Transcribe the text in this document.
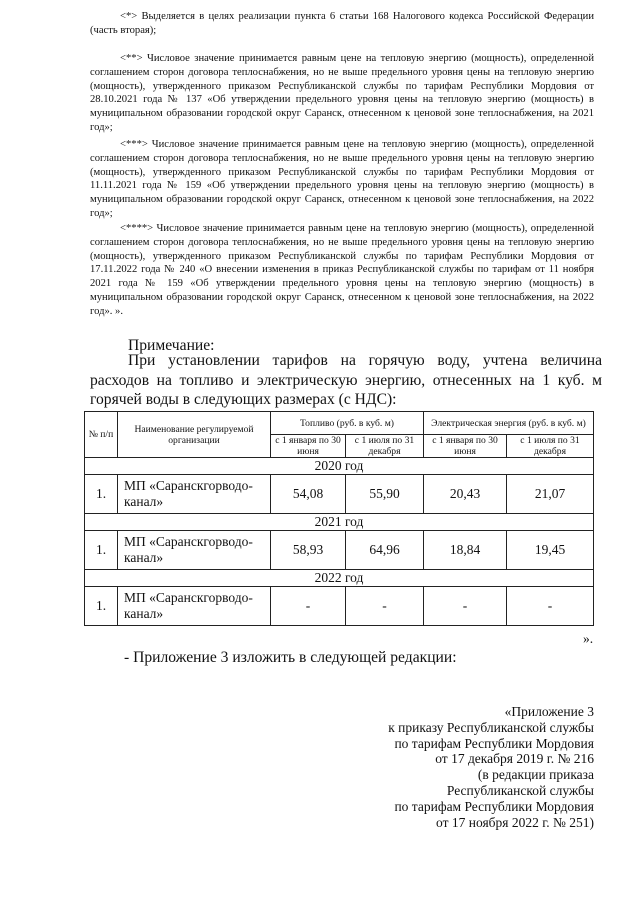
<*> Выделяется в целях реализации пункта 6 статьи 168 Налогового кодекса Российской Федерации (часть вторая);

<**> Числовое значение принимается равным цене на тепловую энергию (мощность), определенной соглашением сторон договора теплоснабжения, но не выше предельного уровня цены на тепловую энергию (мощность), утвержденного приказом Республиканской службы по тарифам Республики Мордовия от 28.10.2021 года № 137 «Об утверждении предельного уровня цены на тепловую энергию (мощность) в муниципальном образовании городской округ Саранск, отнесенном к ценовой зоне теплоснабжения, на 2021 год»;

<***> Числовое значение принимается равным цене на тепловую энергию (мощность), определенной соглашением сторон договора теплоснабжения, но не выше предельного уровня цены на тепловую энергию (мощность), утвержденного приказом Республиканской службы по тарифам Республики Мордовия от 11.11.2021 года № 159 «Об утверждении предельного уровня цены на тепловую энергию (мощность) в муниципальном образовании городской округ Саранск, отнесенном к ценовой зоне теплоснабжения, на 2022 год»;

<****> Числовое значение принимается равным цене на тепловую энергию (мощность), определенной соглашением сторон договора теплоснабжения, но не выше предельного уровня цены на тепловую энергию (мощность), утвержденного приказом Республиканской службы по тарифам Республики Мордовия от 17.11.2022 года № 240 «О внесении изменения в приказ Республиканской службы по тарифам от 11 ноября 2021 года № 159 «Об утверждении предельного уровня цены на тепловую энергию (мощность) в муниципальном образовании городской округ Саранск, отнесенном к ценовой зоне теплоснабжения, на 2022 год». ».

Примечание:

При установлении тарифов на горячую воду, учтена величина расходов на топливо и электрическую энергию, отнесенных на 1 куб. м горячей воды в следующих размерах (с НДС):

№ п/п	Наименование регулируемой организации	Топливо (руб. в куб. м)		Электрическая энергия (руб. в куб. м)	
		с 1 января по 30 июня	с 1 июля по 31 декабря	с 1 января по 30 июня	с 1 июля по 31 декабря
2020 год					
1.	МП «Саранскгорводо-канал»	54,08	55,90	20,43	21,07
2021 год					
1.	МП «Саранскгорводо-канал»	58,93	64,96	18,84	19,45
2022 год					
1.	МП «Саранскгорводо-канал»	-	-	-	-
».
- Приложение 3 изложить в следующей редакции:
«Приложение 3
к приказу Республиканской службы
по тарифам Республики Мордовия
от 17 декабря 2019 г. № 216
(в редакции приказа
Республиканской службы
по тарифам Республики Мордовия
от 17 ноября 2022 г. № 251)
